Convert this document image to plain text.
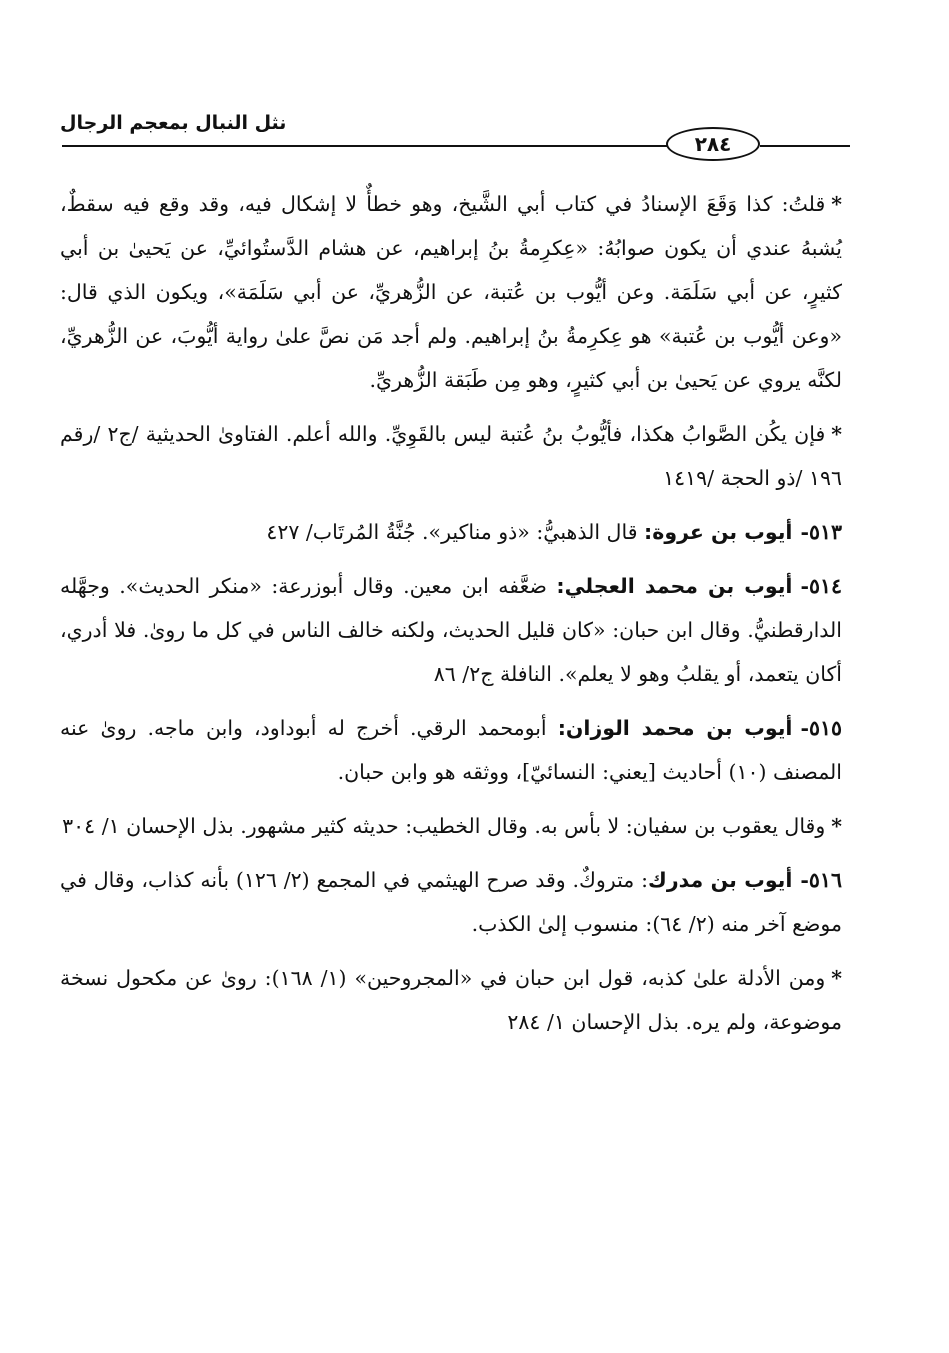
نثل النبال بمعجم الرجال
٢٨٤

*قلتُ: كذا وَقَعَ الإسنادُ في كتاب أبي الشَّيخ، وهو خطأٌ لا إشكال فيه، وقد وقع فيه سقطٌ، يُشبهُ عندي أن يكون صوابُهُ: «عِكرِمةُ بنُ إبراهيم، عن هشام الدَّستُوائيِّ، عن يَحيىٰ بن أبي كثيرٍ، عن أبي سَلَمَة. وعن أيُّوب بن عُتبة، عن الزُّهريِّ، عن أبي سَلَمَة»، ويكون الذي قال: «وعن أيُّوب بن عُتبة» هو عِكرِمةُ بنُ إبراهيم. ولم أجد مَن نصَّ علىٰ رواية أيُّوبَ، عن الزُّهريِّ، لكنَّه يروي عن يَحيىٰ بن أبي كثيرٍ، وهو مِن طَبَقة الزُّهريِّ.

*فإن يكُن الصَّوابُ هكذا، فأيُّوبُ بنُ عُتبة ليس بالقَوِيِّ. والله أعلم. الفتاوىٰ الحديثية /ج٢ /رقم ١٩٦ /ذو الحجة /١٤١٩

٥١٣-أيوب بن عروة: قال الذهبيُّ: «ذو مناكير». جُنَّةُ المُرتَاب/ ٤٢٧

٥١٤-أيوب بن محمد العجلي: ضعَّفه ابن معين. وقال أبوزرعة: «منكر الحديث». وجهَّله الدارقطنيُّ. وقال ابن حبان: «كان قليل الحديث، ولكنه خالف الناس في كل ما روىٰ. فلا أدري، أكان يتعمد، أو يقلبُ وهو لا يعلم». النافلة ج٢/ ٨٦

٥١٥-أيوب بن محمد الوزان: أبومحمد الرقي. أخرج له أبوداود، وابن ماجه. روىٰ عنه المصنف (١٠) أحاديث [يعني: النسائيّ]، ووثقه هو وابن حبان.

*وقال يعقوب بن سفيان: لا بأس به. وقال الخطيب: حديثه كثير مشهور. بذل الإحسان ١/ ٣٠٤

٥١٦-أيوب بن مدرك: متروكٌ. وقد صرح الهيثمي في المجمع (٢/ ١٢٦) بأنه كذاب، وقال في موضع آخر منه (٢/ ٦٤): منسوب إلىٰ الكذب.

*ومن الأدلة علىٰ كذبه، قول ابن حبان في «المجروحين» (١/ ١٦٨): روىٰ عن مكحول نسخة موضوعة، ولم يره. بذل الإحسان ١/ ٢٨٤
